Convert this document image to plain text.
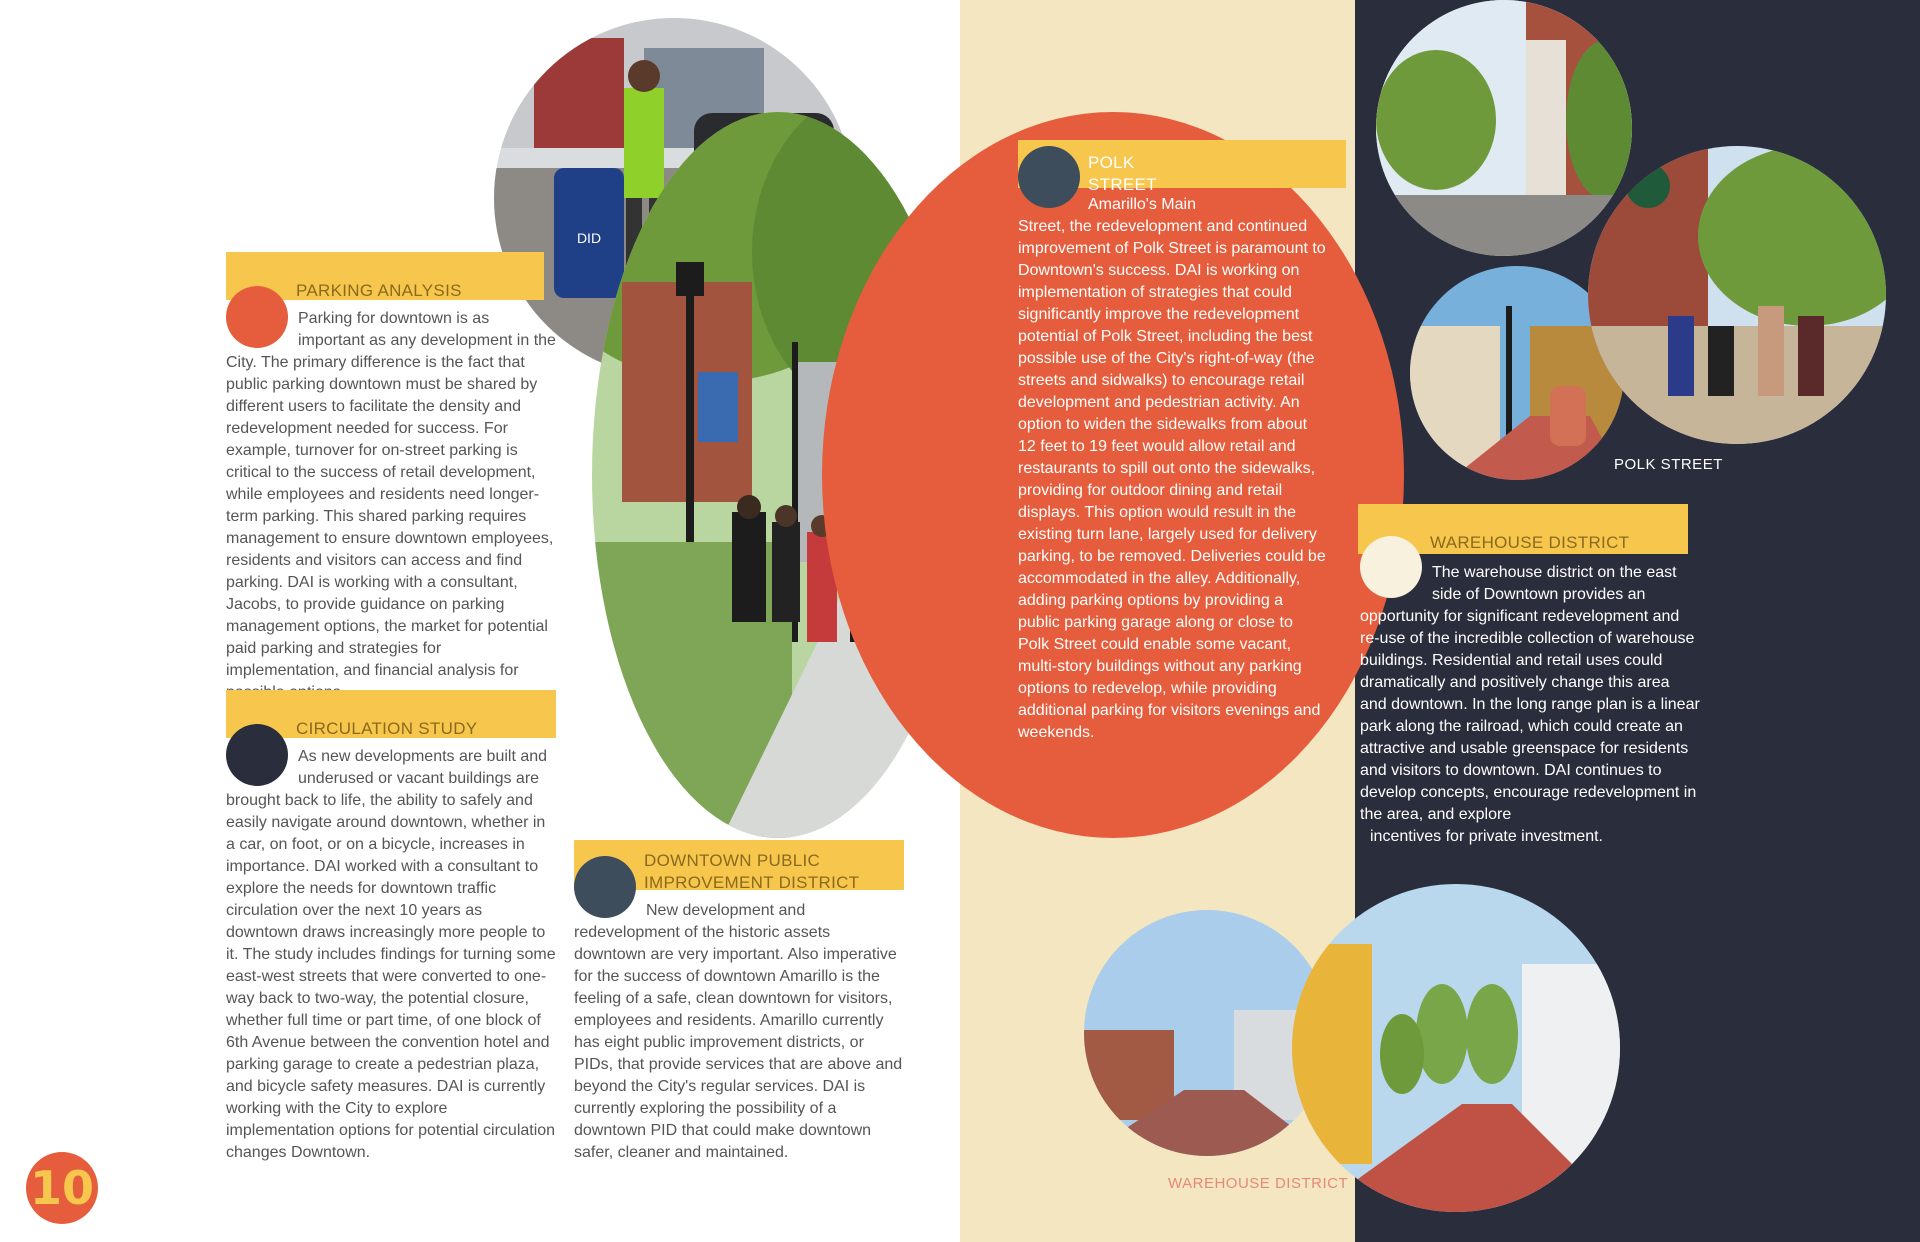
DID
PARKING ANALYSIS
Parking for downtown is as important as any development in the
City. The primary difference is the fact that public parking downtown must be shared by different users to facilitate the density and redevelopment needed for success. For example, turnover for on-street parking is critical to the success of retail development, while employees and residents need longer-term parking. This shared parking requires management to ensure downtown employees, residents and visitors can access and find parking. DAI is working with a consultant, Jacobs, to provide guidance on parking management options, the market for potential paid parking and strategies for implementation, and financial analysis for
CIRCULATION STUDY
As new developments are built and underused or vacant buildings are
brought back to life, the ability to safely and easily navigate around downtown, whether in a car, on foot, or on a bicycle, increases in importance. DAI worked with a consultant to explore the needs for downtown traffic circulation over the next 10 years as downtown draws increasingly more people to it. The study includes findings for turning some east-west streets that were converted to one-way back to two-way, the potential closure, whether full time or part time, of one block of 6th Avenue between the convention hotel and parking garage to create a pedestrian plaza, and bicycle safety measures. DAI is currently working with the City to explore implementation options for potential circulation changes Downtown.
DOWNTOWN PUBLIC
IMPROVEMENT DISTRICT
New development and
redevelopment of the historic assets downtown are very important. Also imperative for the success of downtown Amarillo is the feeling of a safe, clean downtown for visitors, employees and residents. Amarillo currently has eight public improvement districts, or PIDs, that provide services that are above and beyond the City's regular services. DAI is currently exploring the possibility of a downtown PID that could make downtown safer, cleaner and maintained.
POLK
STREET
Amarillo's Main
Street, the redevelopment and continued improvement of Polk Street is paramount to Downtown's success. DAI is working on implementation of strategies that could significantly improve the redevelopment potential of Polk Street, including the best possible use of the City's right-of-way (the streets and sidwalks) to encourage retail development and pedestrian activity. An option to widen the sidewalks from about 12 feet to 19 feet would allow retail and restaurants to spill out onto the sidewalks, providing for outdoor dining and retail displays. This option would result in the existing turn lane, largely used for delivery parking, to be removed. Deliveries could be accommodated in the alley. Additionally, adding parking options by providing a public parking garage along or close to Polk Street could enable some vacant, multi-story buildings without any parking options to redevelop, while providing additional parking for visitors evenings and weekends.
POLK STREET
WAREHOUSE DISTRICT
The warehouse district on the east side of Downtown provides an
opportunity for significant redevelopment and re-use of the incredible collection of warehouse buildings. Residential and retail uses could dramatically and positively change this area and downtown. In the long range plan is a linear park along the railroad, which could create an attractive and usable greenspace for residents and visitors to downtown. DAI continues to develop concepts, encourage redevelopment in the area, and explore
incentives for private investment.
WAREHOUSE DISTRICT
10
